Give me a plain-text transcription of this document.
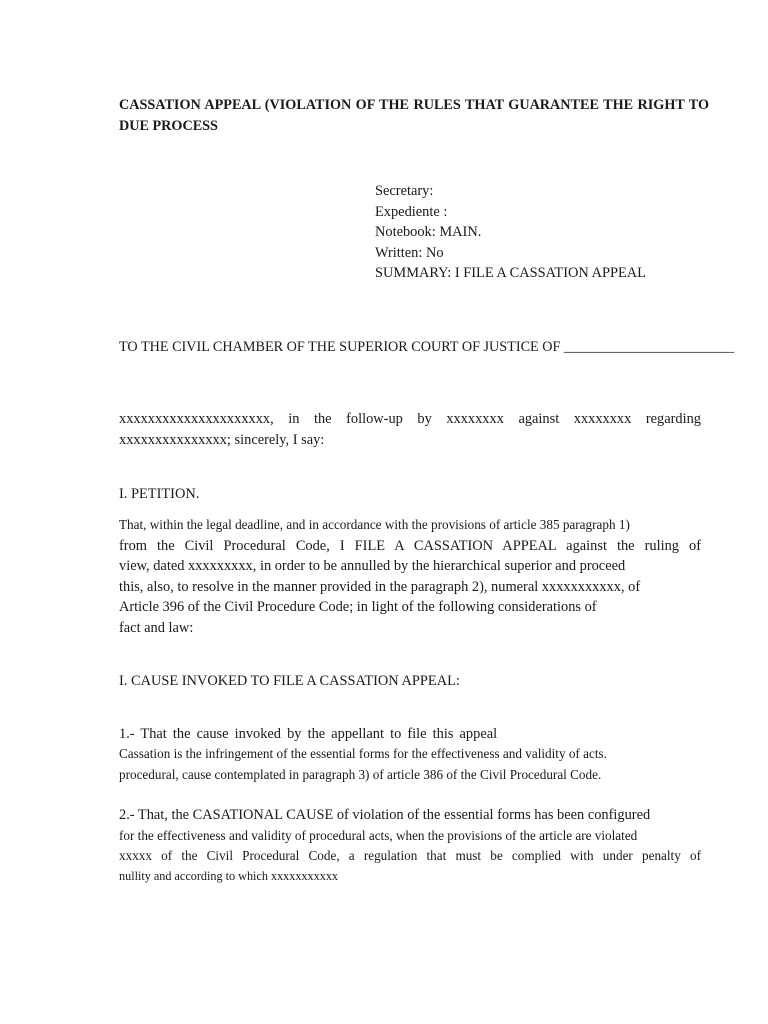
CASSATION APPEAL (VIOLATION OF THE RULES THAT GUARANTEE THE RIGHT TO DUE PROCESS

Secretary:
Expediente :
Notebook: MAIN.
Written: No
SUMMARY: I FILE A CASSATION APPEAL
TO THE CIVIL CHAMBER OF THE SUPERIOR COURT OF JUSTICE OF ________________________

xxxxxxxxxxxxxxxxxxxxx, in the follow-up by xxxxxxxx against xxxxxxxx regarding xxxxxxxxxxxxxxx; sincerely, I say:

I. PETITION.
That, within the legal deadline, and in accordance with the provisions of article 385 paragraph 1)
from the Civil Procedural Code, I FILE A CASSATION APPEAL against the ruling of
view, dated xxxxxxxxx, in order to be annulled by the hierarchical superior and proceed
this, also, to resolve in the manner provided in the paragraph 2), numeral xxxxxxxxxxx, of
Article 396 of the Civil Procedure Code; in light of the following considerations of
fact and law:
I. CAUSE INVOKED TO FILE A CASSATION APPEAL:
1.- That the cause invoked by the appellant to file this appeal
Cassation is the infringement of the essential forms for the effectiveness and validity of acts.
procedural, cause contemplated in paragraph 3) of article 386 of the Civil Procedural Code.
2.- That, the CASATIONAL CAUSE of violation of the essential forms has been configured
for the effectiveness and validity of procedural acts, when the provisions of the article are violated
xxxxx of the Civil Procedural Code, a regulation that must be complied with under penalty of
nullity and according to which xxxxxxxxxxx
